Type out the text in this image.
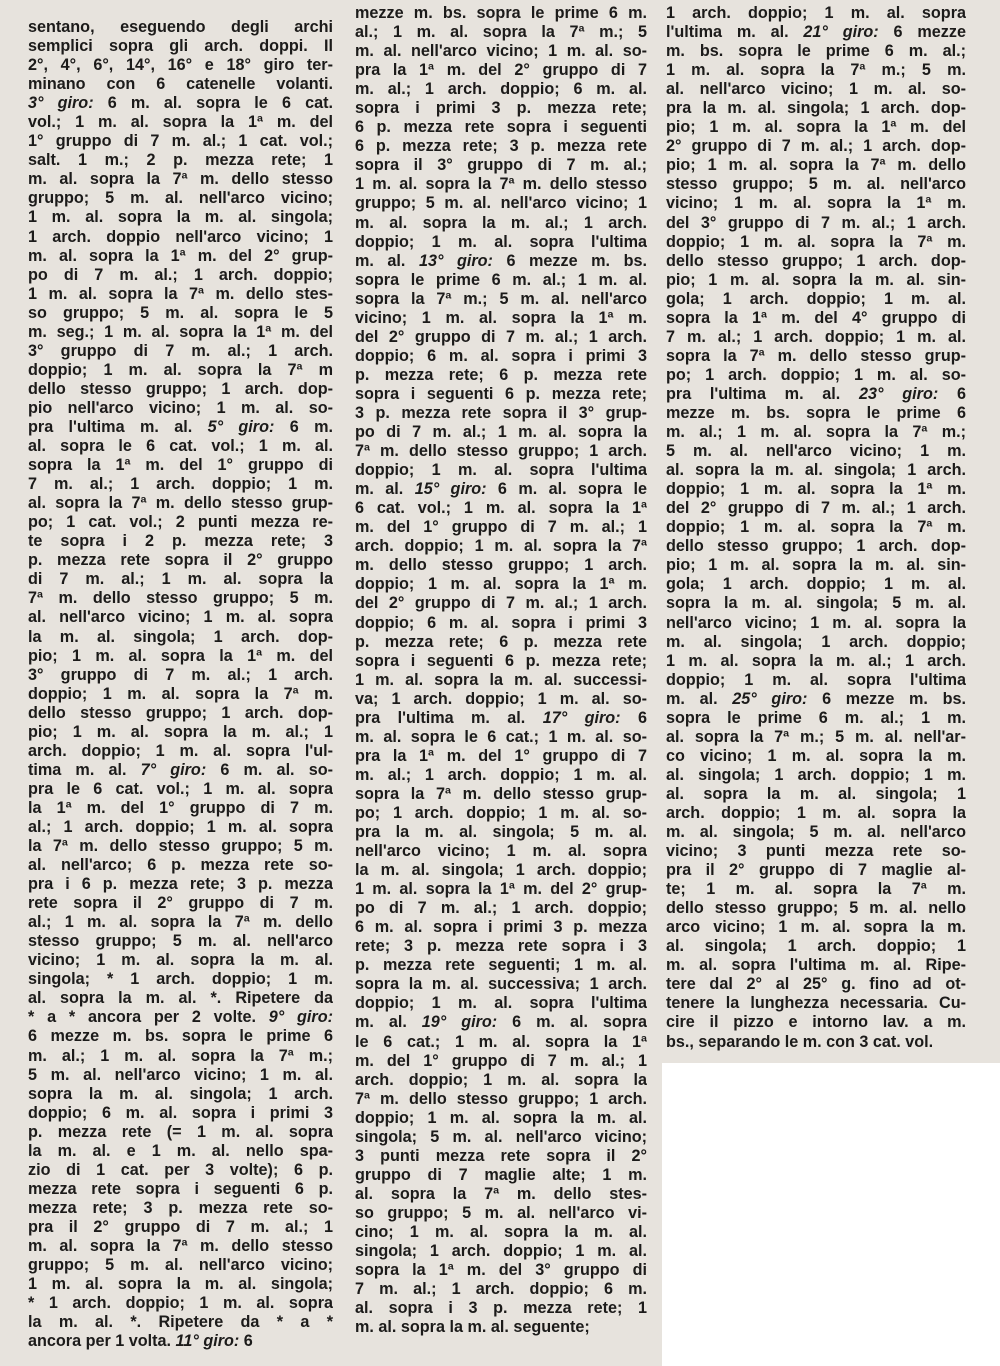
sentano, eseguendo degli archi
semplici sopra gli arch. doppi. Il
2°, 4°, 6°, 14°, 16° e 18° giro ter-
minano con 6 catenelle volanti.
3° giro: 6 m. al. sopra le 6 cat.
vol.; 1 m. al. sopra la 1ª m. del
1° gruppo di 7 m. al.; 1 cat. vol.;
salt. 1 m.; 2 p. mezza rete; 1
m. al. sopra la 7ª m. dello stesso
gruppo; 5 m. al. nell'arco vicino;
1 m. al. sopra la m. al. singola;
1 arch. doppio nell'arco vicino; 1
m. al. sopra la 1ª m. del 2° grup-
po di 7 m. al.; 1 arch. doppio;
1 m. al. sopra la 7ª m. dello stes-
so gruppo; 5 m. al. sopra le 5
m. seg.; 1 m. al. sopra la 1ª m. del
3° gruppo di 7 m. al.; 1 arch.
doppio; 1 m. al. sopra la 7ª m
dello stesso gruppo; 1 arch. dop-
pio nell'arco vicino; 1 m. al. so-
pra l'ultima m. al. 5° giro: 6 m.
al. sopra le 6 cat. vol.; 1 m. al.
sopra la 1ª m. del 1° gruppo di
7 m. al.; 1 arch. doppio; 1 m.
al. sopra la 7ª m. dello stesso grup-
po; 1 cat. vol.; 2 punti mezza re-
te sopra i 2 p. mezza rete; 3
p. mezza rete sopra il 2° gruppo
di 7 m. al.; 1 m. al. sopra la
7ª m. dello stesso gruppo; 5 m.
al. nell'arco vicino; 1 m. al. sopra
la m. al. singola; 1 arch. dop-
pio; 1 m. al. sopra la 1ª m. del
3° gruppo di 7 m. al.; 1 arch.
doppio; 1 m. al. sopra la 7ª m.
dello stesso gruppo; 1 arch. dop-
pio; 1 m. al. sopra la m. al.; 1
arch. doppio; 1 m. al. sopra l'ul-
tima m. al. 7° giro: 6 m. al. so-
pra le 6 cat. vol.; 1 m. al. sopra
la 1ª m. del 1° gruppo di 7 m.
al.; 1 arch. doppio; 1 m. al. sopra
la 7ª m. dello stesso gruppo; 5 m.
al. nell'arco; 6 p. mezza rete so-
pra i 6 p. mezza rete; 3 p. mezza
rete sopra il 2° gruppo di 7 m.
al.; 1 m. al. sopra la 7ª m. dello
stesso gruppo; 5 m. al. nell'arco
vicino; 1 m. al. sopra la m. al.
singola; * 1 arch. doppio; 1 m.
al. sopra la m. al. *. Ripetere da
* a * ancora per 2 volte. 9° giro:
6 mezze m. bs. sopra le prime 6
m. al.; 1 m. al. sopra la 7ª m.;
5 m. al. nell'arco vicino; 1 m. al.
sopra la m. al. singola; 1 arch.
doppio; 6 m. al. sopra i primi 3
p. mezza rete (= 1 m. al. sopra
la m. al. e 1 m. al. nello spa-
zio di 1 cat. per 3 volte); 6 p.
mezza rete sopra i seguenti 6 p.
mezza rete; 3 p. mezza rete so-
pra il 2° gruppo di 7 m. al.; 1
m. al. sopra la 7ª m. dello stesso
gruppo; 5 m. al. nell'arco vicino;
1 m. al. sopra la m. al. singola;
* 1 arch. doppio; 1 m. al. sopra
la m. al. *. Ripetere da * a *
ancora per 1 volta. 11° giro: 6
mezze m. bs. sopra le prime 6 m.
al.; 1 m. al. sopra la 7ª m.; 5
m. al. nell'arco vicino; 1 m. al. so-
pra la 1ª m. del 2° gruppo di 7
m. al.; 1 arch. doppio; 6 m. al.
sopra i primi 3 p. mezza rete;
6 p. mezza rete sopra i seguenti
6 p. mezza rete; 3 p. mezza rete
sopra il 3° gruppo di 7 m. al.;
1 m. al. sopra la 7ª m. dello stesso
gruppo; 5 m. al. nell'arco vicino; 1
m. al. sopra la m. al.; 1 arch.
doppio; 1 m. al. sopra l'ultima
m. al. 13° giro: 6 mezze m. bs.
sopra le prime 6 m. al.; 1 m. al.
sopra la 7ª m.; 5 m. al. nell'arco
vicino; 1 m. al. sopra la 1ª m.
del 2° gruppo di 7 m. al.; 1 arch.
doppio; 6 m. al. sopra i primi 3
p. mezza rete; 6 p. mezza rete
sopra i seguenti 6 p. mezza rete;
3 p. mezza rete sopra il 3° grup-
po di 7 m. al.; 1 m. al. sopra la
7ª m. dello stesso gruppo; 1 arch.
doppio; 1 m. al. sopra l'ultima
m. al. 15° giro: 6 m. al. sopra le
6 cat. vol.; 1 m. al. sopra la 1ª
m. del 1° gruppo di 7 m. al.; 1
arch. doppio; 1 m. al. sopra la 7ª
m. dello stesso gruppo; 1 arch.
doppio; 1 m. al. sopra la 1ª m.
del 2° gruppo di 7 m. al.; 1 arch.
doppio; 6 m. al. sopra i primi 3
p. mezza rete; 6 p. mezza rete
sopra i seguenti 6 p. mezza rete;
1 m. al. sopra la m. al. successi-
va; 1 arch. doppio; 1 m. al. so-
pra l'ultima m. al. 17° giro: 6
m. al. sopra le 6 cat.; 1 m. al. so-
pra la 1ª m. del 1° gruppo di 7
m. al.; 1 arch. doppio; 1 m. al.
sopra la 7ª m. dello stesso grup-
po; 1 arch. doppio; 1 m. al. so-
pra la m. al. singola; 5 m. al.
nell'arco vicino; 1 m. al. sopra
la m. al. singola; 1 arch. doppio;
1 m. al. sopra la 1ª m. del 2° grup-
po di 7 m. al.; 1 arch. doppio;
6 m. al. sopra i primi 3 p. mezza
rete; 3 p. mezza rete sopra i 3
p. mezza rete seguenti; 1 m. al.
sopra la m. al. successiva; 1 arch.
doppio; 1 m. al. sopra l'ultima
m. al. 19° giro: 6 m. al. sopra
le 6 cat.; 1 m. al. sopra la 1ª
m. del 1° gruppo di 7 m. al.; 1
arch. doppio; 1 m. al. sopra la
7ª m. dello stesso gruppo; 1 arch.
doppio; 1 m. al. sopra la m. al.
singola; 5 m. al. nell'arco vicino;
3 punti mezza rete sopra il 2°
gruppo di 7 maglie alte; 1 m.
al. sopra la 7ª m. dello stes-
so gruppo; 5 m. al. nell'arco vi-
cino; 1 m. al. sopra la m. al.
singola; 1 arch. doppio; 1 m. al.
sopra la 1ª m. del 3° gruppo di
7 m. al.; 1 arch. doppio; 6 m.
al. sopra i 3 p. mezza rete; 1
m. al. sopra la m. al. seguente;
1 arch. doppio; 1 m. al. sopra
l'ultima m. al. 21° giro: 6 mezze
m. bs. sopra le prime 6 m. al.;
1 m. al. sopra la 7ª m.; 5 m.
al. nell'arco vicino; 1 m. al. so-
pra la m. al. singola; 1 arch. dop-
pio; 1 m. al. sopra la 1ª m. del
2° gruppo di 7 m. al.; 1 arch. dop-
pio; 1 m. al. sopra la 7ª m. dello
stesso gruppo; 5 m. al. nell'arco
vicino; 1 m. al. sopra la 1ª m.
del 3° gruppo di 7 m. al.; 1 arch.
doppio; 1 m. al. sopra la 7ª m.
dello stesso gruppo; 1 arch. dop-
pio; 1 m. al. sopra la m. al. sin-
gola; 1 arch. doppio; 1 m. al.
sopra la 1ª m. del 4° gruppo di
7 m. al.; 1 arch. doppio; 1 m. al.
sopra la 7ª m. dello stesso grup-
po; 1 arch. doppio; 1 m. al. so-
pra l'ultima m. al. 23° giro: 6
mezze m. bs. sopra le prime 6
m. al.; 1 m. al. sopra la 7ª m.;
5 m. al. nell'arco vicino; 1 m.
al. sopra la m. al. singola; 1 arch.
doppio; 1 m. al. sopra la 1ª m.
del 2° gruppo di 7 m. al.; 1 arch.
doppio; 1 m. al. sopra la 7ª m.
dello stesso gruppo; 1 arch. dop-
pio; 1 m. al. sopra la m. al. sin-
gola; 1 arch. doppio; 1 m. al.
sopra la m. al. singola; 5 m. al.
nell'arco vicino; 1 m. al. sopra la
m. al. singola; 1 arch. doppio;
1 m. al. sopra la m. al.; 1 arch.
doppio; 1 m. al. sopra l'ultima
m. al. 25° giro: 6 mezze m. bs.
sopra le prime 6 m. al.; 1 m.
al. sopra la 7ª m.; 5 m. al. nell'ar-
co vicino; 1 m. al. sopra la m.
al. singola; 1 arch. doppio; 1 m.
al. sopra la m. al. singola; 1
arch. doppio; 1 m. al. sopra la
m. al. singola; 5 m. al. nell'arco
vicino; 3 punti mezza rete so-
pra il 2° gruppo di 7 maglie al-
te; 1 m. al. sopra la 7ª m.
dello stesso gruppo; 5 m. al. nello
arco vicino; 1 m. al. sopra la m.
al. singola; 1 arch. doppio; 1
m. al. sopra l'ultima m. al. Ripe-
tere dal 2° al 25° g. fino ad ot-
tenere la lunghezza necessaria. Cu-
cire il pizzo e intorno lav. a m.
bs., separando le m. con 3 cat. vol.
